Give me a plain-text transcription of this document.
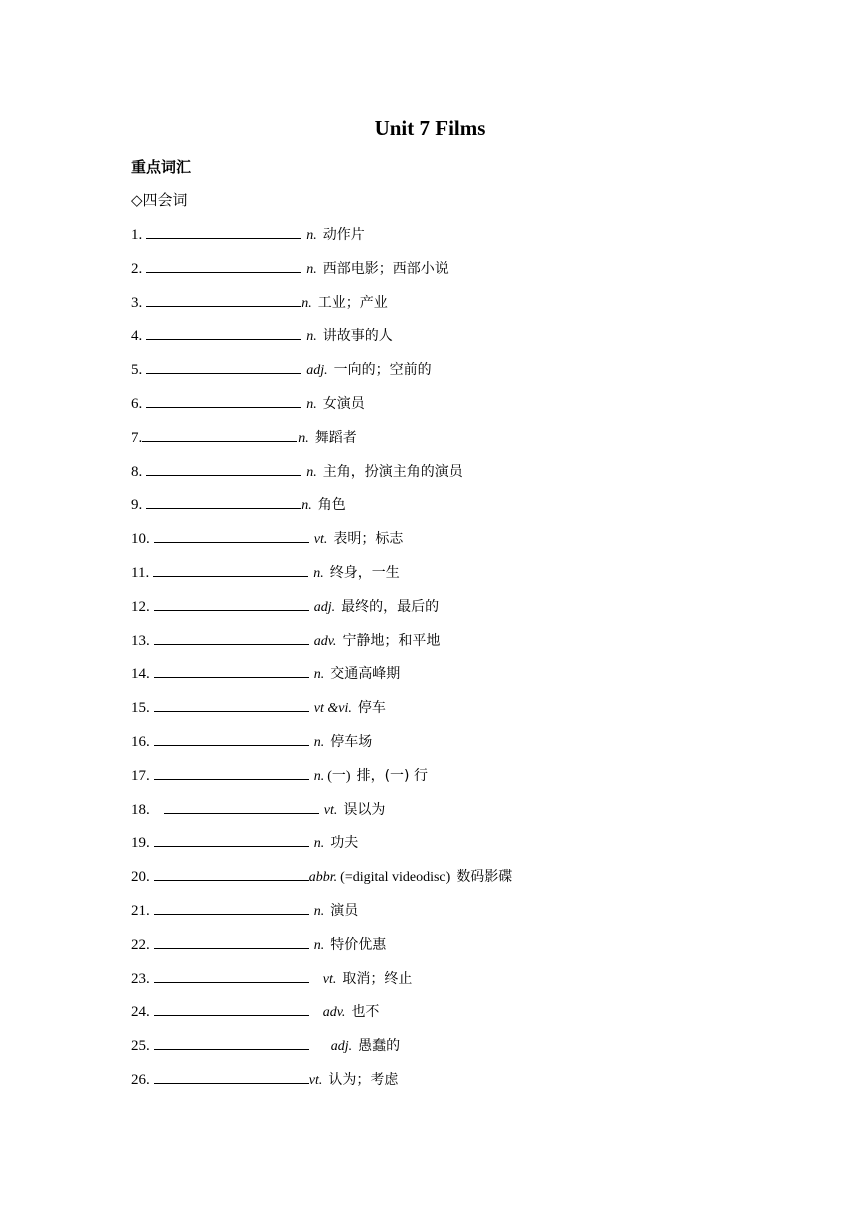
Unit 7 Films
重点词汇
◇四会词
1.	n. 动作片
2.	n. 西部电影；西部小说
3.	n. 工业；产业
4.	n. 讲故事的人
5.	adj. 一向的；空前的
6.	n. 女演员
7.	n. 舞蹈者
8.	n. 主角，扮演主角的演员
9.	n. 角色
10.	vt. 表明；标志
11.	n. 终身，一生
12.	adj. 最终的，最后的
13.	adv. 宁静地；和平地
14.	n. 交通高峰期
15.	vt &vi. 停车
16.	n. 停车场
17.	n. (一) 排，(一) 行
18.	vt. 误以为
19.	n. 功夫
20.	abbr. (=digital videodisc) 数码影碟
21.	n. 演员
22.	n. 特价优惠
23.	vt. 取消；终止
24.	adv. 也不
25.	adj. 愚蠢的
26.	vt. 认为；考虑
